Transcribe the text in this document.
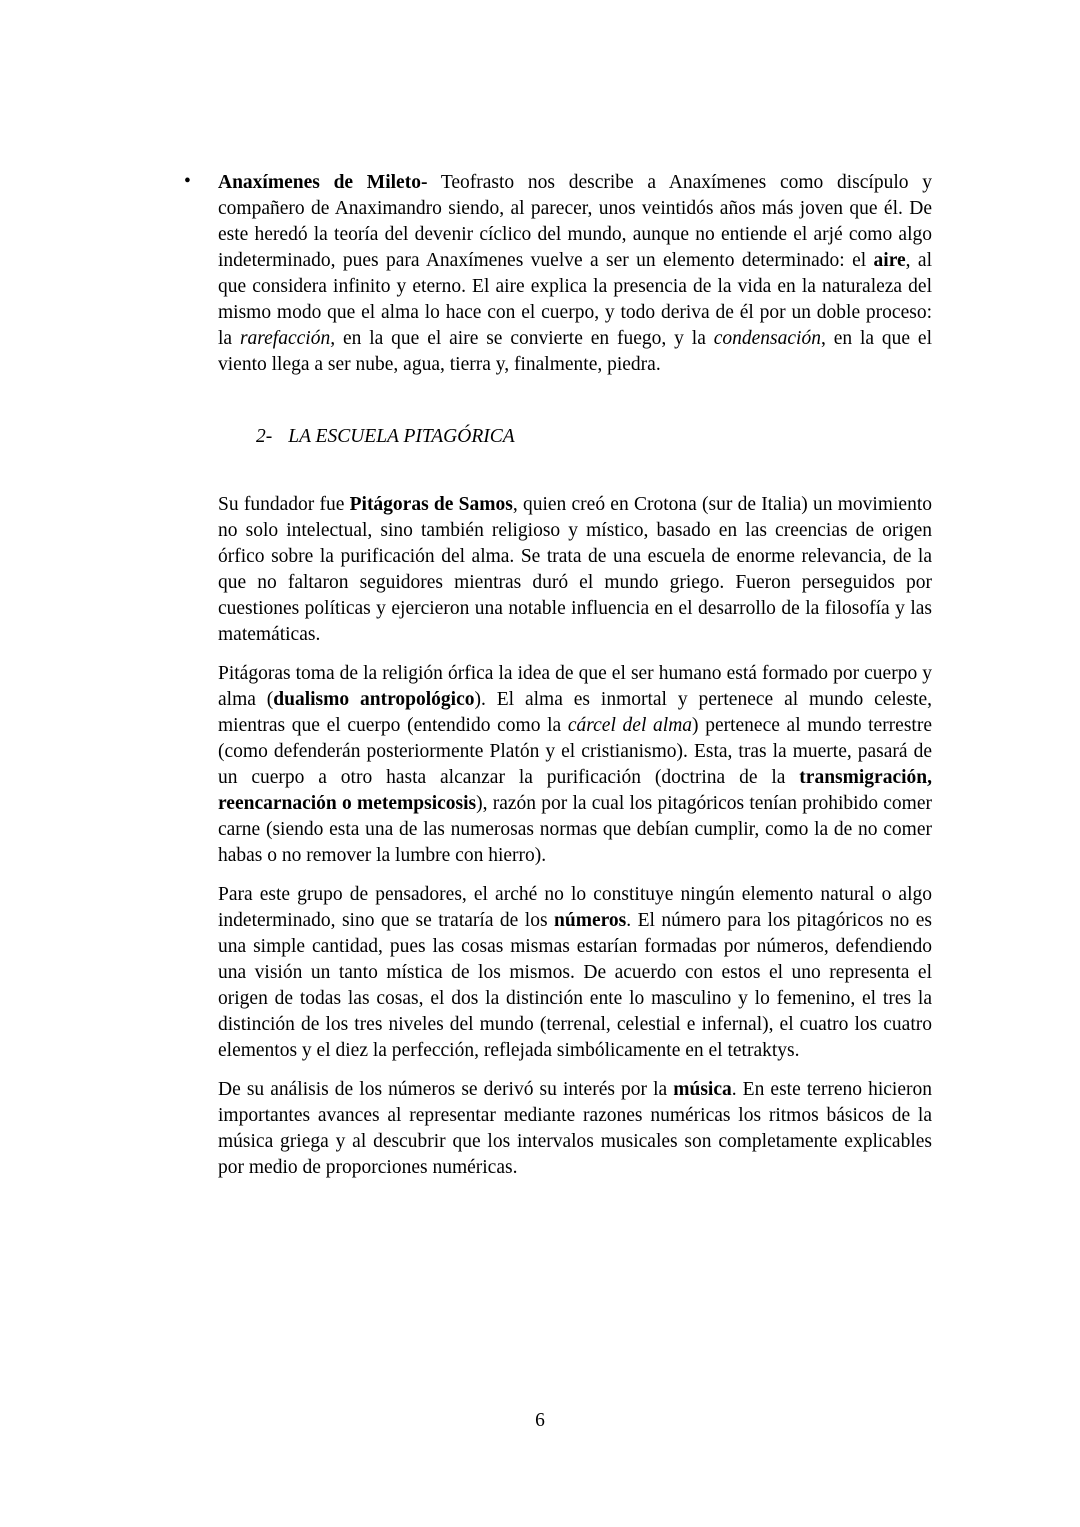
• Anaxímenes de Mileto- Teofrasto nos describe a Anaxímenes como discípulo y compañero de Anaximandro siendo, al parecer, unos veintidós años más joven que él. De este heredó la teoría del devenir cíclico del mundo, aunque no entiende el arjé como algo indeterminado, pues para Anaxímenes vuelve a ser un elemento determinado: el aire, al que considera infinito y eterno. El aire explica la presencia de la vida en la naturaleza del mismo modo que el alma lo hace con el cuerpo, y todo deriva de él por un doble proceso: la rarefacción, en la que el aire se convierte en fuego, y la condensación, en la que el viento llega a ser nube, agua, tierra y, finalmente, piedra.

2- LA ESCUELA PITAGÓRICA

Su fundador fue Pitágoras de Samos, quien creó en Crotona (sur de Italia) un movimiento no solo intelectual, sino también religioso y místico, basado en las creencias de origen órfico sobre la purificación del alma. Se trata de una escuela de enorme relevancia, de la que no faltaron seguidores mientras duró el mundo griego. Fueron perseguidos por cuestiones políticas y ejercieron una notable influencia en el desarrollo de la filosofía y las matemáticas.

Pitágoras toma de la religión órfica la idea de que el ser humano está formado por cuerpo y alma (dualismo antropológico). El alma es inmortal y pertenece al mundo celeste, mientras que el cuerpo (entendido como la cárcel del alma) pertenece al mundo terrestre (como defenderán posteriormente Platón y el cristianismo). Esta, tras la muerte, pasará de un cuerpo a otro hasta alcanzar la purificación (doctrina de la transmigración, reencarnación o metempsicosis), razón por la cual los pitagóricos tenían prohibido comer carne (siendo esta una de las numerosas normas que debían cumplir, como la de no comer habas o no remover la lumbre con hierro).

Para este grupo de pensadores, el arché no lo constituye ningún elemento natural o algo indeterminado, sino que se trataría de los números. El número para los pitagóricos no es una simple cantidad, pues las cosas mismas estarían formadas por números, defendiendo una visión un tanto mística de los mismos. De acuerdo con estos el uno representa el origen de todas las cosas, el dos la distinción ente lo masculino y lo femenino, el tres la distinción de los tres niveles del mundo (terrenal, celestial e infernal), el cuatro los cuatro elementos y el diez la perfección, reflejada simbólicamente en el tetraktys.

De su análisis de los números se derivó su interés por la música. En este terreno hicieron importantes avances al representar mediante razones numéricas los ritmos básicos de la música griega y al descubrir que los intervalos musicales son completamente explicables por medio de proporciones numéricas.

6
